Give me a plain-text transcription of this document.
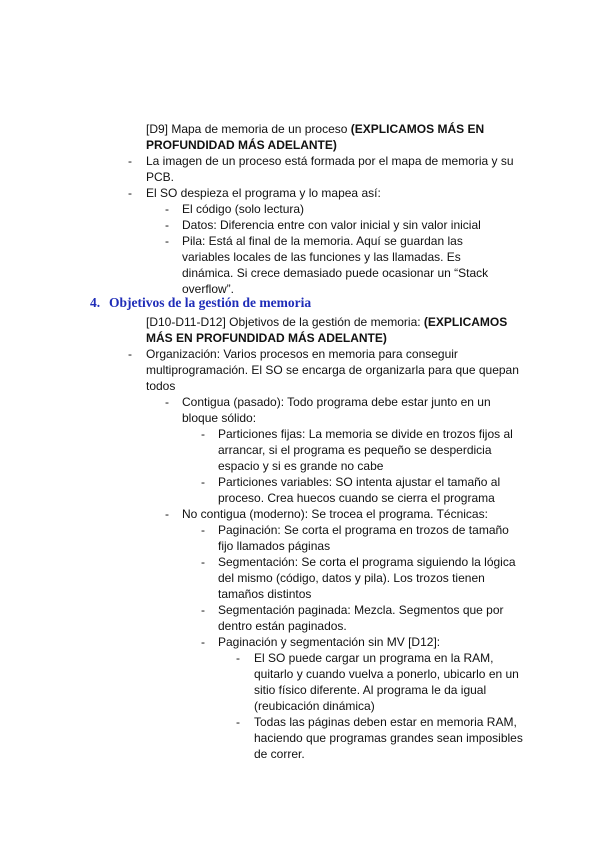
[D9] Mapa de memoria de un proceso (EXPLICAMOS MÁS EN PROFUNDIDAD MÁS ADELANTE)
- La imagen de un proceso está formada por el mapa de memoria y su PCB.
- El SO despieza el programa y lo mapea así:
- El código (solo lectura)
- Datos: Diferencia entre con valor inicial y sin valor inicial
- Pila: Está al final de la memoria. Aquí se guardan las variables locales de las funciones y las llamadas. Es dinámica. Si crece demasiado puede ocasionar un “Stack overflow”.
4. Objetivos de la gestión de memoria
[D10-D11-D12] Objetivos de la gestión de memoria: (EXPLICAMOS MÁS EN PROFUNDIDAD MÁS ADELANTE)
- Organización: Varios procesos en memoria para conseguir multiprogramación. El SO se encarga de organizarla para que quepan todos
- Contigua (pasado): Todo programa debe estar junto en un bloque sólido:
- Particiones fijas: La memoria se divide en trozos fijos al arrancar, si el programa es pequeño se desperdicia espacio y si es grande no cabe
- Particiones variables: SO intenta ajustar el tamaño al proceso. Crea huecos cuando se cierra el programa
- No contigua (moderno): Se trocea el programa. Técnicas:
- Paginación: Se corta el programa en trozos de tamaño fijo llamados páginas
- Segmentación: Se corta el programa siguiendo la lógica del mismo (código, datos y pila). Los trozos tienen tamaños distintos
- Segmentación paginada: Mezcla. Segmentos que por dentro están paginados.
- Paginación y segmentación sin MV [D12]:
- El SO puede cargar un programa en la RAM, quitarlo y cuando vuelva a ponerlo, ubicarlo en un sitio físico diferente. Al programa le da igual (reubicación dinámica)
- Todas las páginas deben estar en memoria RAM, haciendo que programas grandes sean imposibles de correr.
